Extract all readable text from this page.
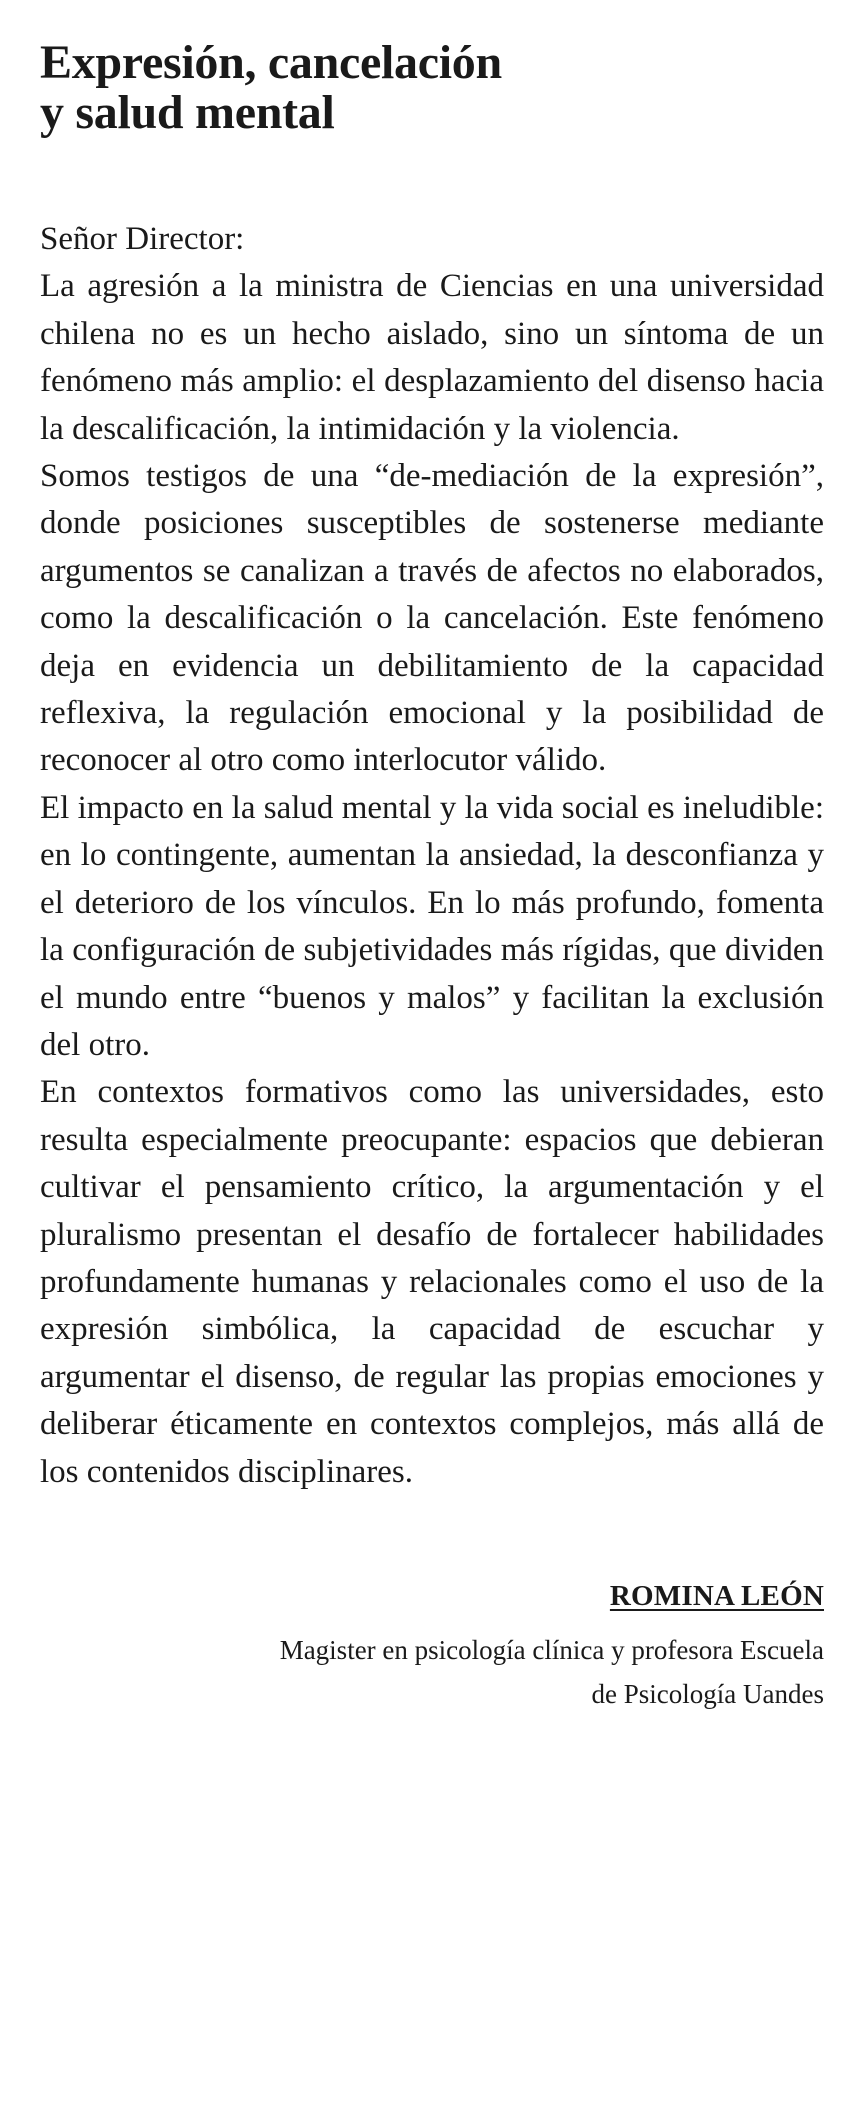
Expresión, cancelación
y salud mental

Señor Director:

La agresión a la ministra de Ciencias en una universidad chilena no es un hecho aislado, sino un síntoma de un fenómeno más amplio: el desplazamiento del disenso hacia la descalificación, la intimidación y la violencia.

Somos testigos de una “de-mediación de la expresión”, donde posiciones susceptibles de sostenerse mediante argumentos se canalizan a través de afectos no elaborados, como la descalificación o la cancelación. Este fenómeno deja en evidencia un debilitamiento de la capacidad reflexiva, la regulación emocional y la posibilidad de reconocer al otro como interlocutor válido.

El impacto en la salud mental y la vida social es ineludible: en lo contingente, aumentan la ansiedad, la desconfianza y el deterioro de los vínculos. En lo más profundo, fomenta la configuración de subjetividades más rígidas, que dividen el mundo entre “buenos y malos” y facilitan la exclusión del otro.

En contextos formativos como las universidades, esto resulta especialmente preocupante: espacios que debieran cultivar el pensamiento crítico, la argumentación y el pluralismo presentan el desafío de fortalecer habilidades profundamente humanas y relacionales como el uso de la expresión simbólica, la capacidad de escuchar y argumentar el disenso, de regular las propias emociones y deliberar éticamente en contextos complejos, más allá de los contenidos disciplinares.

ROMINA LEÓN
Magister en psicología clínica y profesora Escuela
de Psicología Uandes
